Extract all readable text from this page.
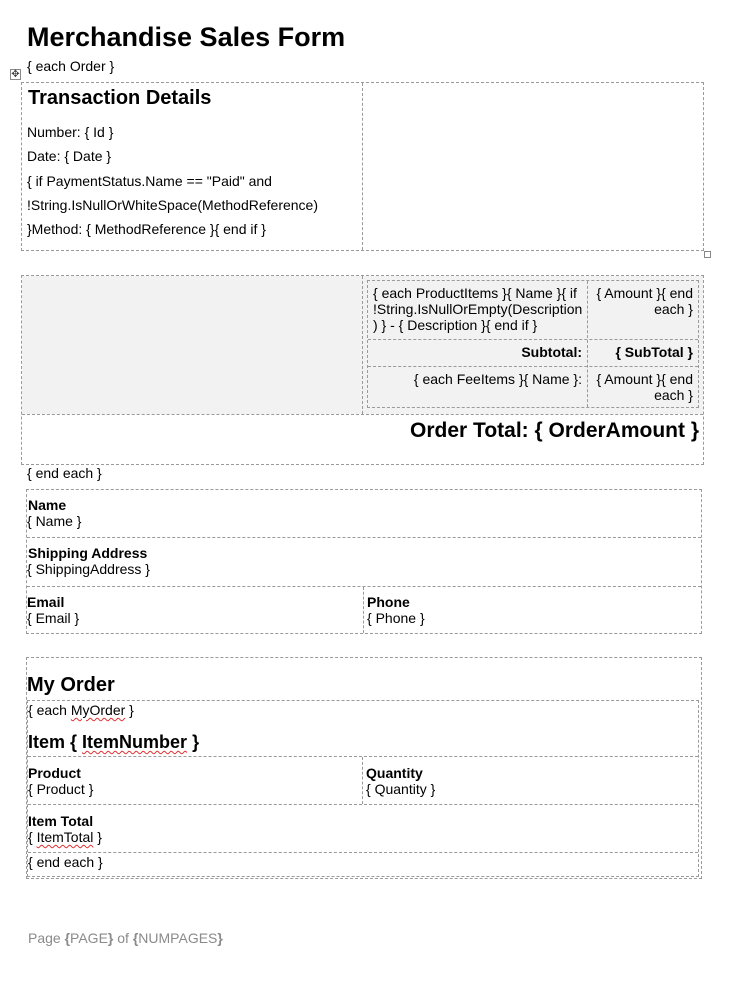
Merchandise Sales Form
{ each Order }
✥
Transaction Details
Number: { Id }
Date: { Date }
{ if PaymentStatus.Name == "Paid" and
!String.IsNullOrWhiteSpace(MethodReference)
}Method: { MethodReference }{ end if }
{ each ProductItems }{ Name }{ if
!String.IsNullOrEmpty(Description
) } - { Description }{ end if }
{ Amount }{ end
each }
Subtotal:	{ SubTotal }
{ each FeeItems }{ Name }:	{ Amount }{ end
each }
Order Total: { OrderAmount }
{ end each }
Name
{ Name }
Shipping Address
{ ShippingAddress }
Email
{ Email }
Phone
{ Phone }
My Order
{ each MyOrder }
Item { ItemNumber }
Product
{ Product }
Quantity
{ Quantity }
Item Total
{ ItemTotal }
{ end each }
Page {PAGE} of {NUMPAGES}
